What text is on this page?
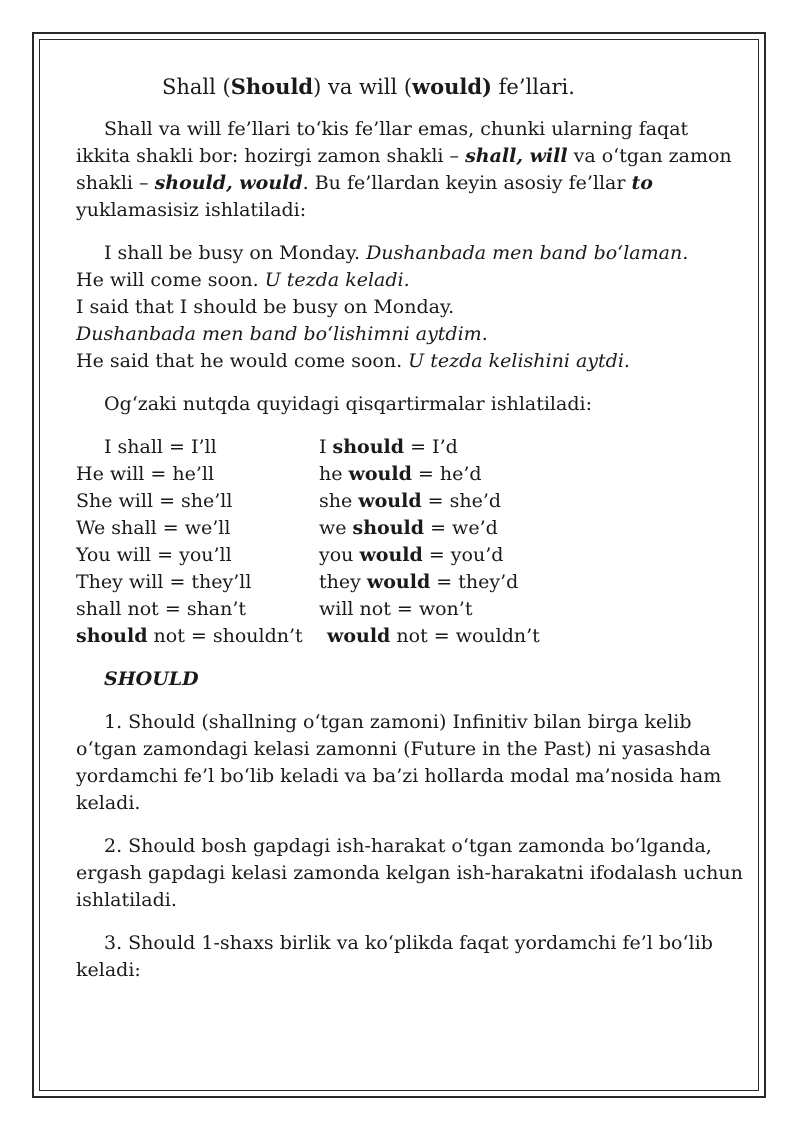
Shall (Should) va will (would) fe’llari.

Shall va will fe’llari to‘kis fe’llar emas, chunki ularning faqat ikkita shakli bor: hozirgi zamon shakli – shall, will va o‘tgan zamon shakli – should, would. Bu fe’llardan keyin asosiy fe’llar to yuklamasisiz ishlatiladi:

I shall be busy on Monday. Dushanbada men band bo‘laman.
He will come soon. U tezda keladi.
I said that I should be busy on Monday.
Dushanbada men band bo‘lishimni aytdim.
He said that he would come soon. U tezda kelishini aytdi.

Og‘zaki nutqda quyidagi qisqartirmalar ishlatiladi:

I shall = I’ll	I should = I’d
He will = he’ll	he would = he’d
She will = she’ll	she would = she’d
We shall = we’ll	we should = we’d
You will = you’ll	you would = you’d
They will = they’ll	they would = they’d
shall not = shan’t	will not = won’t
should not = shouldn’t	would not = wouldn’t
SHOULD

1. Should (shallning o‘tgan zamoni) Infinitiv bilan birga kelib o‘tgan zamondagi kelasi zamonni (Future in the Past) ni yasashda yordamchi fe’l bo‘lib keladi va ba’zi hollarda modal ma’nosida ham keladi.

2. Should bosh gapdagi ish-harakat o‘tgan zamonda bo‘lganda, ergash gapdagi kelasi zamonda kelgan ish-harakatni ifodalash uchun ishlatiladi.

3. Should 1-shaxs birlik va ko‘plikda faqat yordamchi fe’l bo‘lib keladi:
